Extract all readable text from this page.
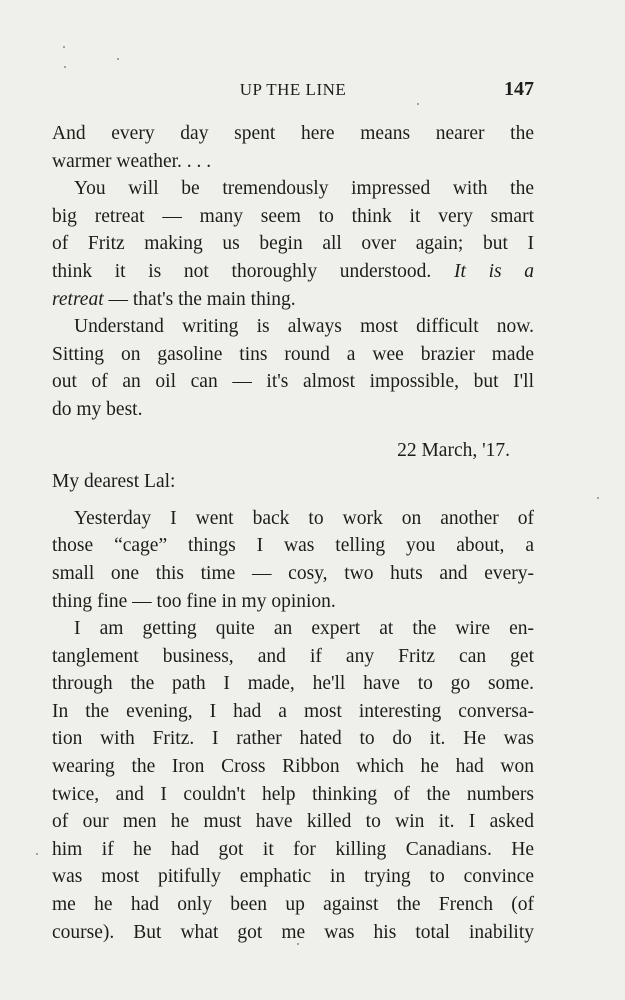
UP THE LINE	147
And every day spent here means nearer the
warmer weather. . . .
You will be tremendously impressed with the
big retreat — many seem to think it very smart
of Fritz making us begin all over again; but I
think it is not thoroughly understood. It is a
retreat — that's the main thing.
Understand writing is always most difficult now.
Sitting on gasoline tins round a wee brazier made
out of an oil can — it's almost impossible, but I'll
do my best.
22 March, '17.
My dearest Lal:
Yesterday I went back to work on another of
those “cage” things I was telling you about, a
small one this time — cosy, two huts and every-
thing fine — too fine in my opinion.
I am getting quite an expert at the wire en-
tanglement business, and if any Fritz can get
through the path I made, he'll have to go some.
In the evening, I had a most interesting conversa-
tion with Fritz. I rather hated to do it. He was
wearing the Iron Cross Ribbon which he had won
twice, and I couldn't help thinking of the numbers
of our men he must have killed to win it. I asked
him if he had got it for killing Canadians. He
was most pitifully emphatic in trying to convince
me he had only been up against the French (of
course). But what got me was his total inability
